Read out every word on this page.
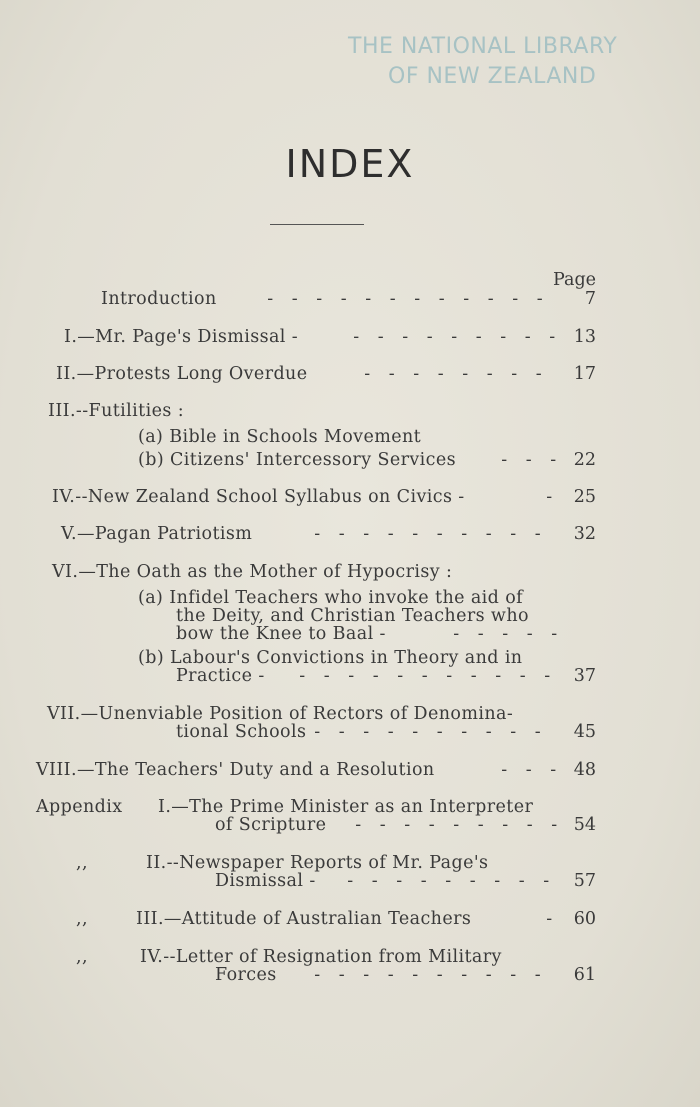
THE NATIONAL LIBRARY
OF NEW ZEALAND
INDEX
Page
Introduction	- - - - - - - - - - - -	7
I.—Mr. Page's Dismissal -	- - - - - - - - -	13
II.—Protests Long Overdue	- - - - - - - -	17
III.--Futilities :
(a) Bible in Schools Movement
(b) Citizens' Intercessory Services	- - -	22
IV.--New Zealand School Syllabus on Civics -	-	25
V.—Pagan Patriotism	- - - - - - - - - -	32
VI.—The Oath as the Mother of Hypocrisy :
(a) Infidel Teachers who invoke the aid of
the Deity, and Christian Teachers who
bow the Knee to Baal -	- - - - -
(b) Labour's Convictions in Theory and in
Practice -	- - - - - - - - - - -	37
VII.—Unenviable Position of Rectors of Denomina-
tional Schools - - - - - - - - - -	45
VIII.—The Teachers' Duty and a Resolution	- - -	48
Appendix I.—The Prime Minister as an Interpreter
of Scripture	- - - - - - - - - 54
,,	II.--Newspaper Reports of Mr. Page's
Dismissal -	- - - - - - - - -	57
,,	III.—Attitude of Australian Teachers	-	60
,,	IV.--Letter of Resignation from Military
Forces	- - - - - - - - - -	61
